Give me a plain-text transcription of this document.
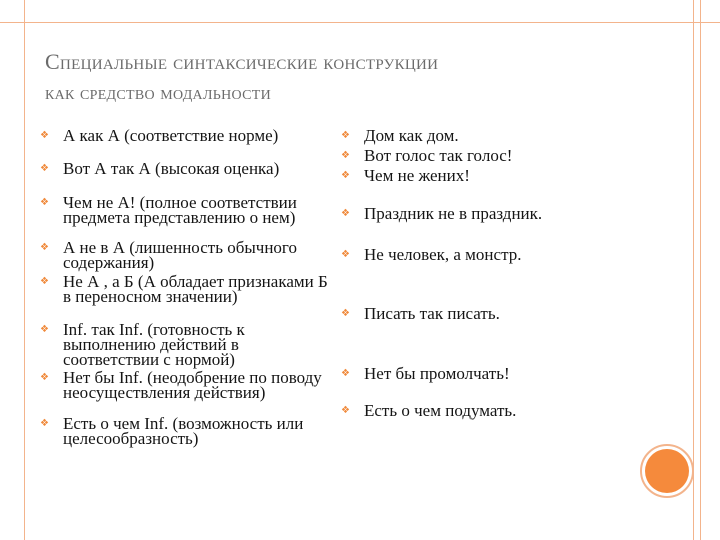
Специальные синтаксические конструкции
как средство модальности
❖
❖
❖
❖
❖
❖
❖
❖
А как А (соответствие норме)
Вот А так А (высокая оценка)
Чем не А! (полное соответствии предмета представлению о нем)
А не в А (лишенность обычного содержания)
Не А , а Б (А обладает признаками Б в переносном значении)
Inf. так Inf. (готовность к выполнению действий в соответствии с нормой)
Нет бы Inf. (неодобрение по поводу неосуществления действия)
Есть о чем Inf. (возможность или целесообразность)
❖
❖
❖
❖
❖
❖
❖
❖
Дом как дом.
Вот голос так голос!
Чем не жених!
Праздник не в праздник.
Не человек, а монстр.
Писать так писать.
Нет бы промолчать!
Есть о чем подумать.
